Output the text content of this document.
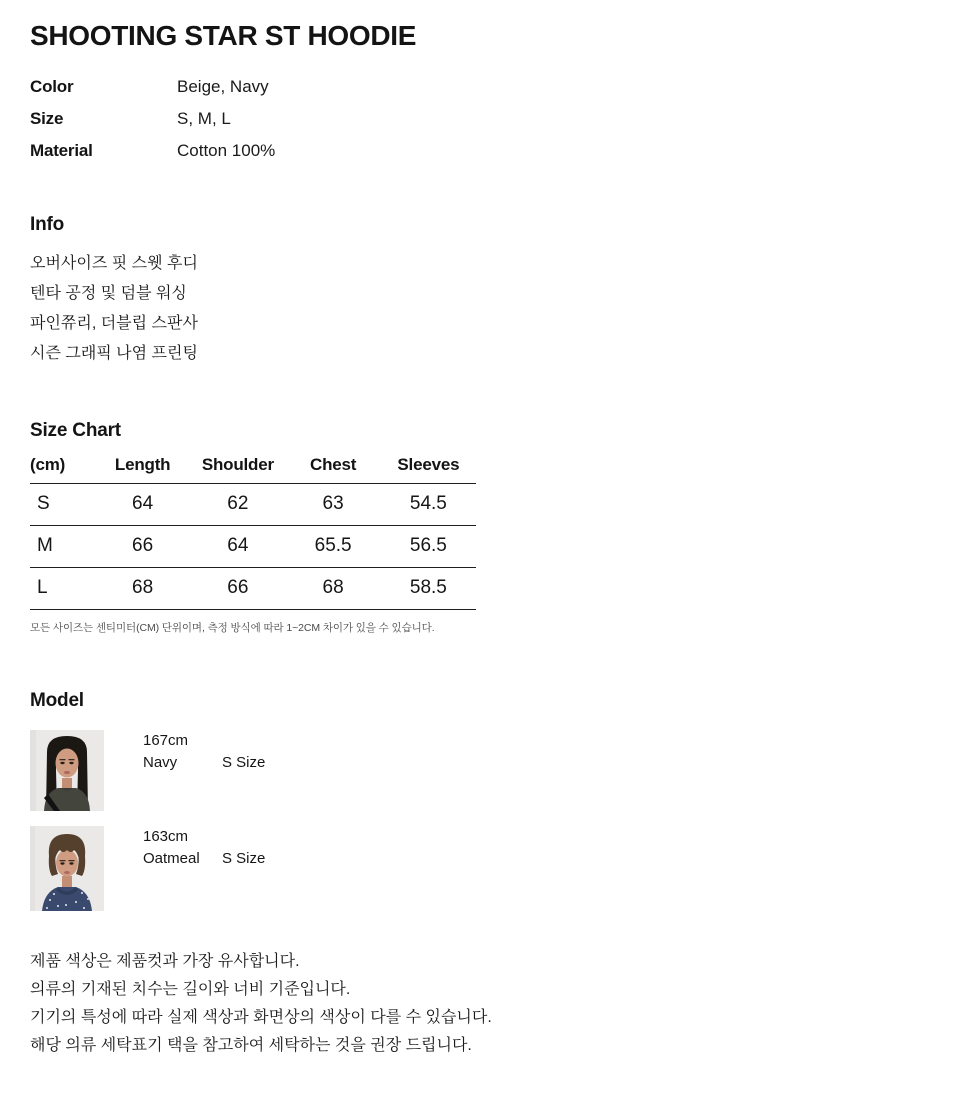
SHOOTING STAR ST HOODIE
Color	Beige, Navy
Size	S, M, L
Material	Cotton 100%
Info

오버사이즈 핏 스웻 후디

텐타 공정 및 덤블 워싱

파인쮸리, 더블립 스판사

시즌 그래픽 나염 프린팅

Size Chart
(cm)	Length	Shoulder	Chest	Sleeves
S	64	62	63	54.5
M	66	64	65.5	56.5
L	68	66	68	58.5

모든 사이즈는 센티미터(CM) 단위이며, 측정 방식에 따라 1~2CM 차이가 있을 수 있습니다.

Model
167cm
Navy	S Size
163cm
Oatmeal	S Size

제품 색상은 제품컷과 가장 유사합니다.

의류의 기재된 치수는 길이와 너비 기준입니다.

기기의 특성에 따라 실제 색상과 화면상의 색상이 다를 수 있습니다.

해당 의류 세탁표기 택을 참고하여 세탁하는 것을 권장 드립니다.
